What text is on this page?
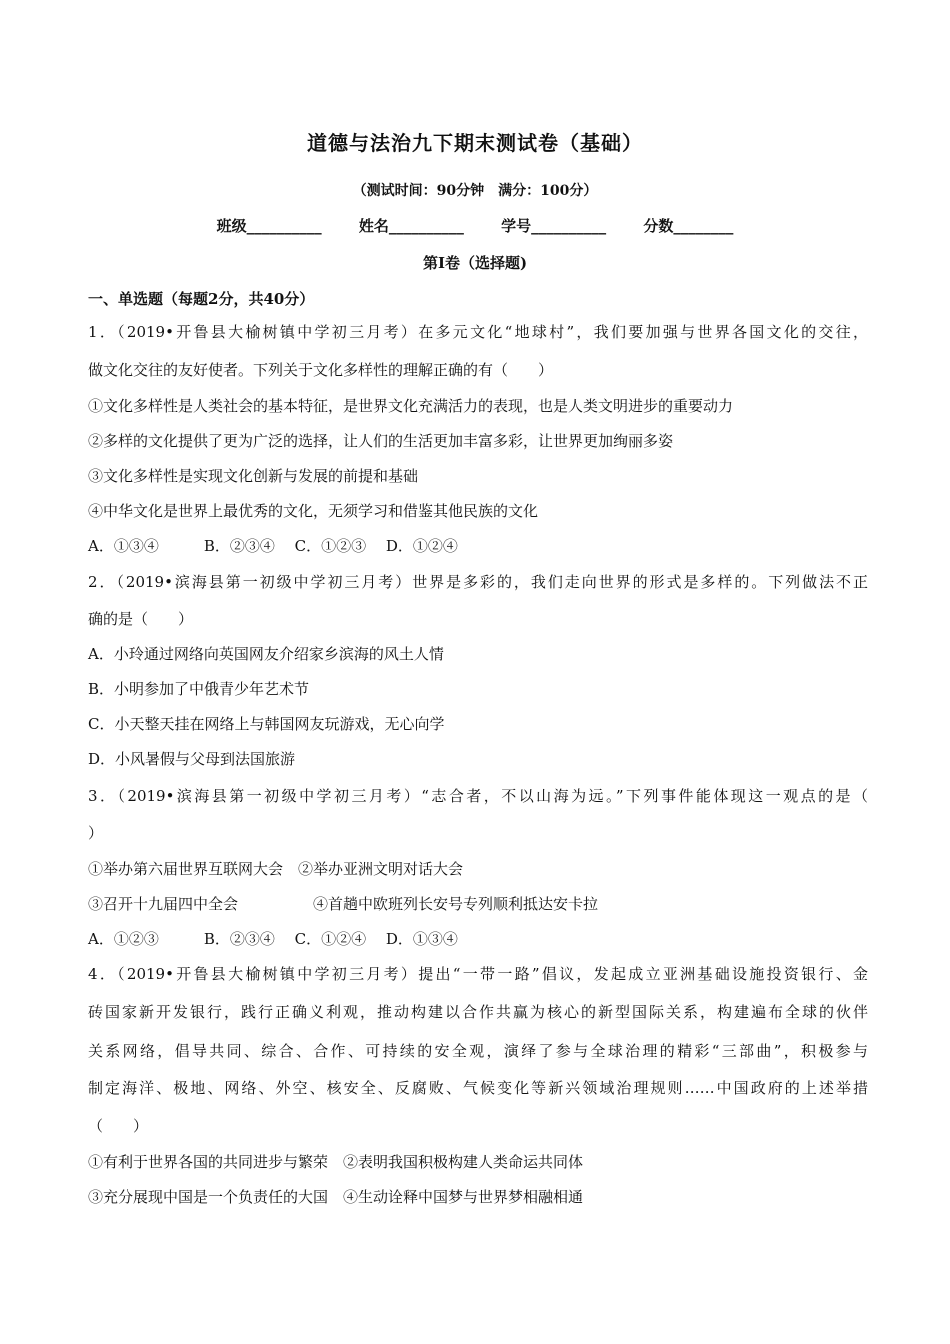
道德与法治九下期末测试卷（基础）
（测试时间：90分钟　满分：100分）
班级__________ 姓名__________ 学号__________ 分数________
第I卷（选择题)
一、单选题（每题2分，共40分）
1．（2019•开鲁县大榆树镇中学初三月考）在多元文化“地球村”，我们要加强与世界各国文化的交往，
做文化交往的友好使者。下列关于文化多样性的理解正确的有（　　）
①文化多样性是人类社会的基本特征，是世界文化充满活力的表现，也是人类文明进步的重要动力
②多样的文化提供了更为广泛的选择，让人们的生活更加丰富多彩，让世界更加绚丽多姿
③文化多样性是实现文化创新与发展的前提和基础
④中华文化是世界上最优秀的文化，无须学习和借鉴其他民族的文化
A．①③④　　　B．②③④　 C．①②③　 D．①②④
2．（2019•滨海县第一初级中学初三月考）世界是多彩的，我们走向世界的形式是多样的。下列做法不正
确的是（　　）
A．小玲通过网络向英国网友介绍家乡滨海的风土人情
B．小明参加了中俄青少年艺术节
C．小天整天挂在网络上与韩国网友玩游戏，无心向学
D．小风暑假与父母到法国旅游
3．（2019•滨海县第一初级中学初三月考）“志合者，不以山海为远。”下列事件能体现这一观点的是（
）
①举办第六届世界互联网大会　②举办亚洲文明对话大会
③召开十九届四中全会　　　　　④首趟中欧班列长安号专列顺利抵达安卡拉
A．①②③　　　B．②③④　 C．①②④　 D．①③④
4．（2019•开鲁县大榆树镇中学初三月考）提出“一带一路”倡议，发起成立亚洲基础设施投资银行、金
砖国家新开发银行，践行正确义利观，推动构建以合作共赢为核心的新型国际关系，构建遍布全球的伙伴
关系网络，倡导共同、综合、合作、可持续的安全观，演绎了参与全球治理的精彩“三部曲”，积极参与
制定海洋、极地、网络、外空、核安全、反腐败、气候变化等新兴领域治理规则……中国政府的上述举措
（　　）
①有利于世界各国的共同进步与繁荣　②表明我国积极构建人类命运共同体
③充分展现中国是一个负责任的大国　④生动诠释中国梦与世界梦相融相通
